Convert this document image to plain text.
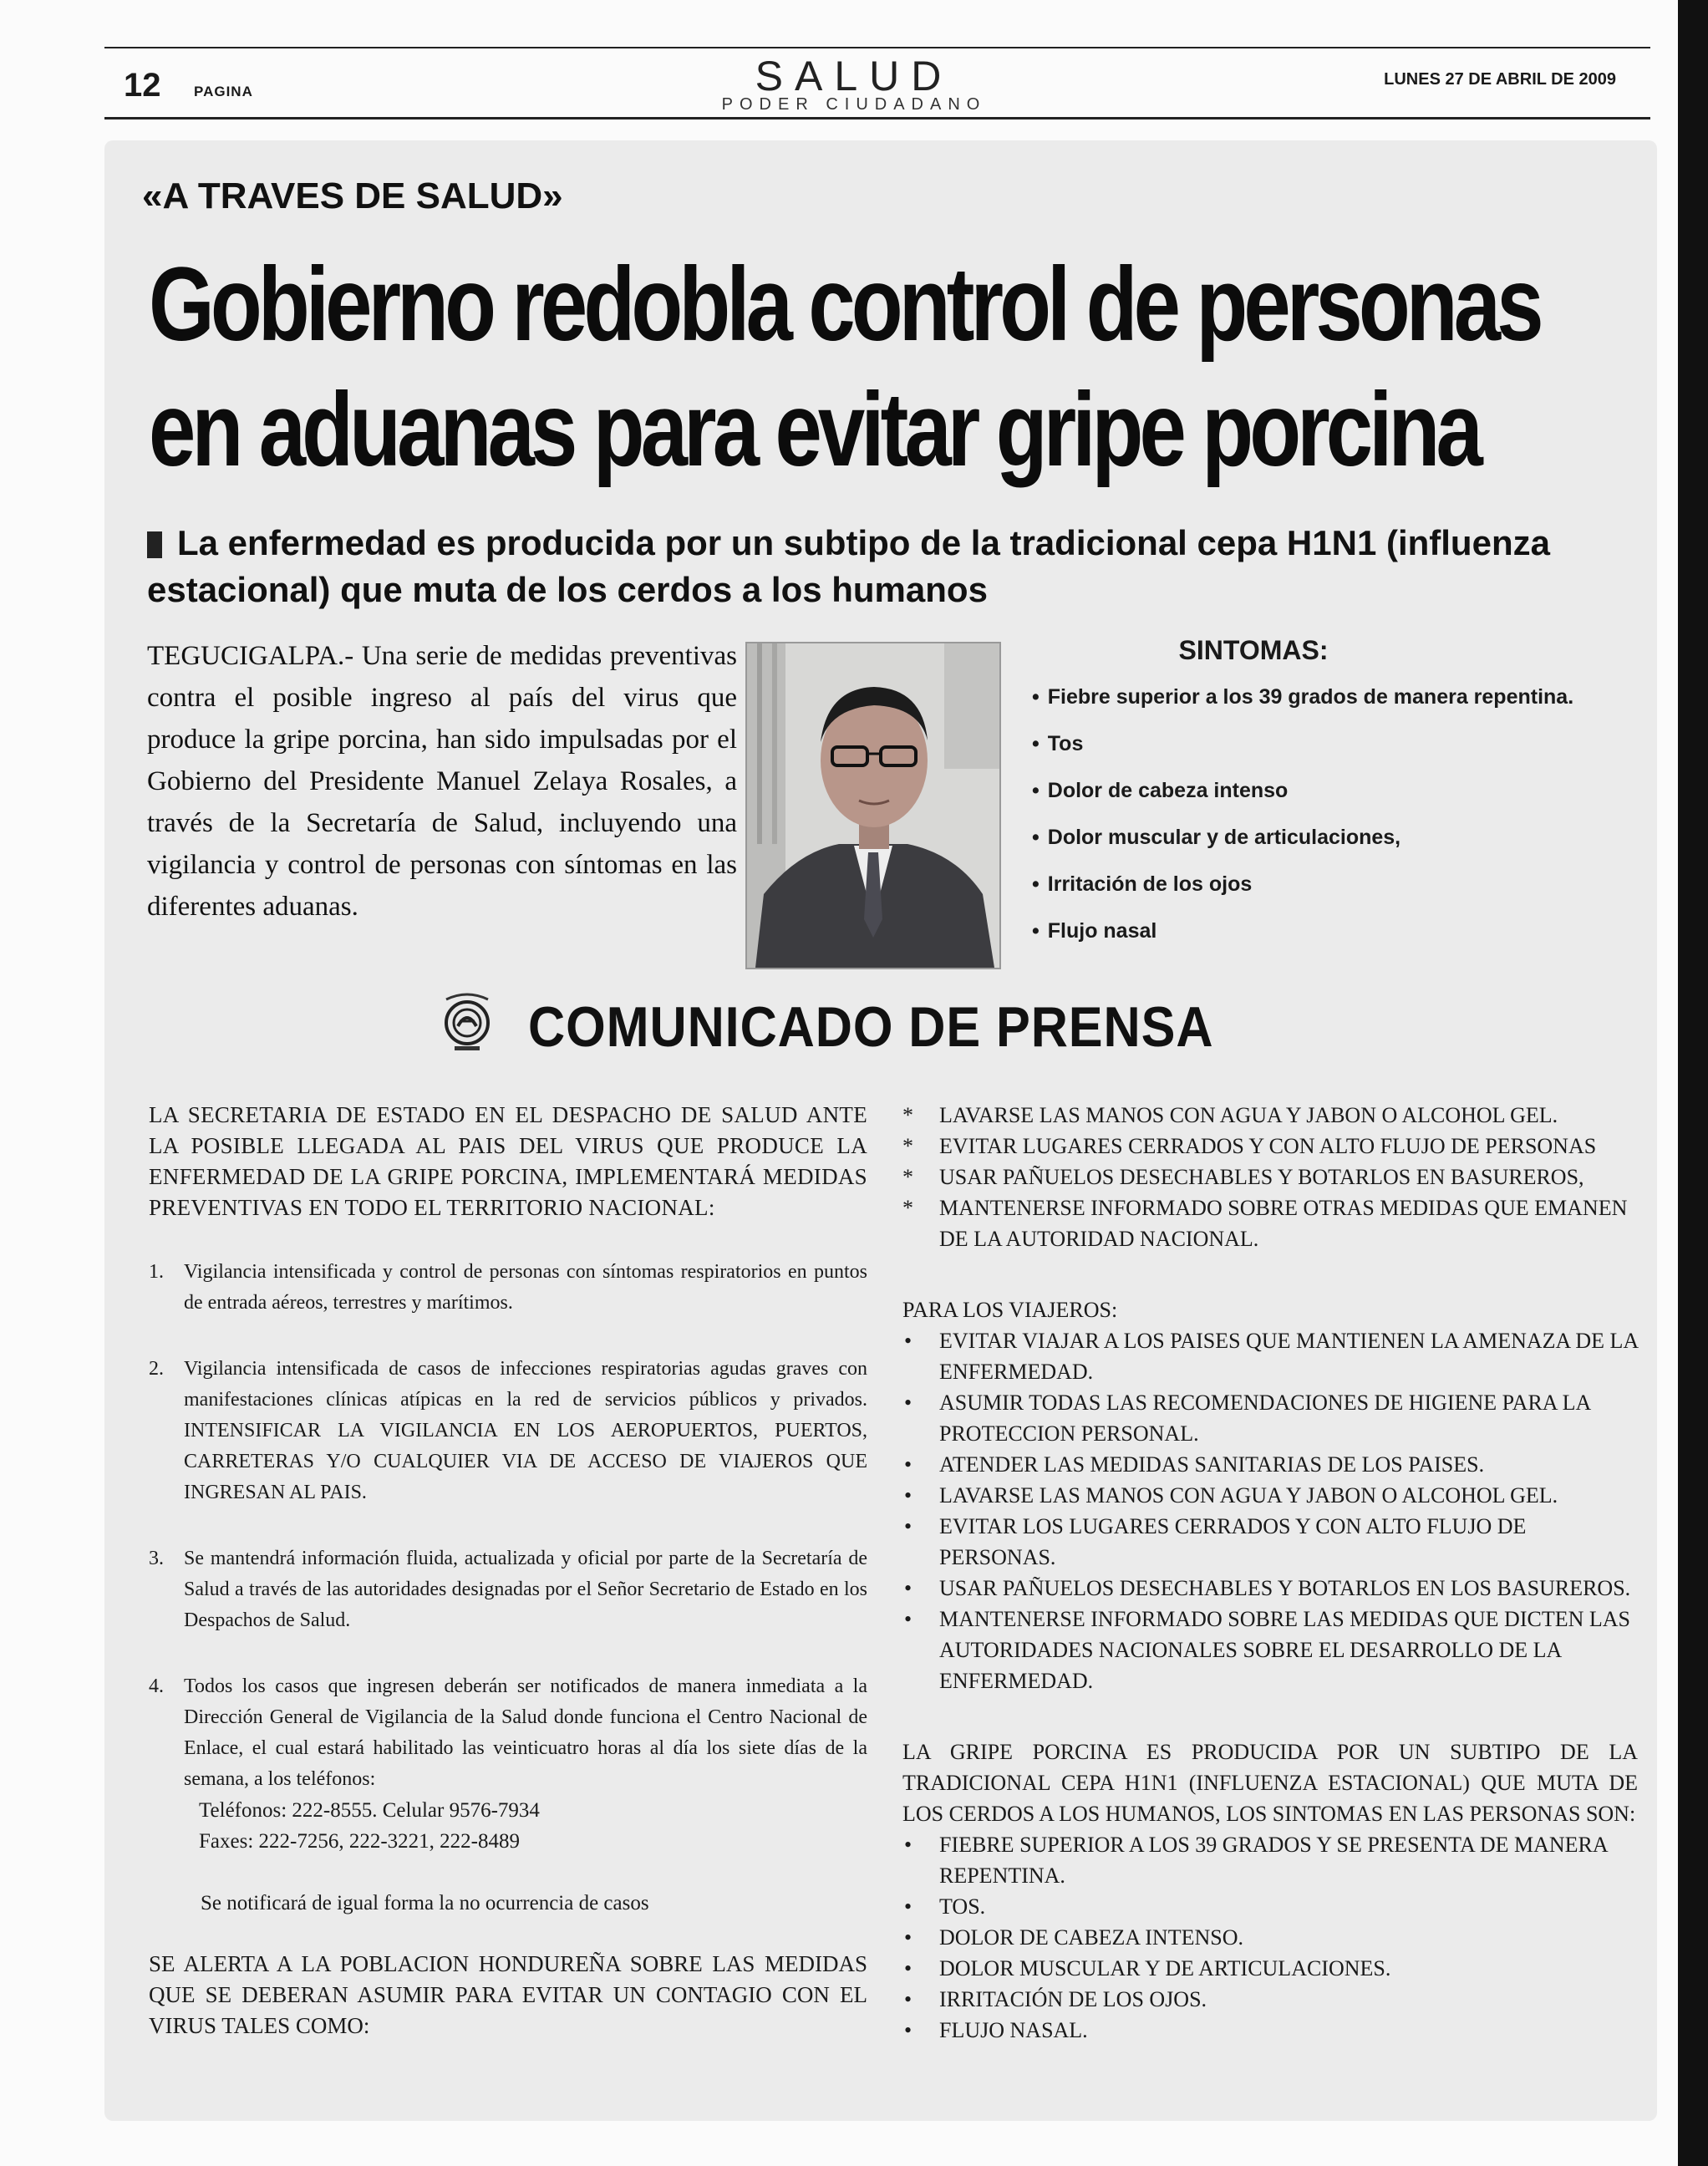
12 PAGINA	SALUD
PODER CIUDADANO
LUNES 27 DE ABRIL DE 2009
«A TRAVES DE SALUD»
Gobierno redobla control de personas
en aduanas para evitar gripe porcina
La enfermedad es producida por un subtipo de la tradicional cepa H1N1 (influenza estacional) que muta de los cerdos a los humanos
TEGUCIGALPA.- Una serie de medidas preventivas contra el posible ingreso al país del virus que produce la gripe porcina, han sido impulsadas por el Gobierno del Presidente Manuel Zelaya Rosales, a través de la Secretaría de Salud, incluyendo una vigilancia y control de personas con síntomas en las diferentes aduanas.
SINTOMAS:
• Fiebre superior a los 39 grados de manera repentina.
• Tos
• Dolor de cabeza intenso
• Dolor muscular y de articulaciones,
• Irritación de los ojos
• Flujo nasal
COMUNICADO DE PRENSA

LA SECRETARIA DE ESTADO EN EL DESPACHO DE SALUD ANTE LA POSIBLE LLEGADA AL PAIS DEL VIRUS QUE PRODUCE LA ENFERMEDAD DE LA GRIPE PORCINA, IMPLEMENTARÁ MEDIDAS PREVENTIVAS EN TODO EL TERRITORIO NACIONAL:

1. Vigilancia intensificada y control de personas con síntomas respiratorios en puntos de entrada aéreos, terrestres y marítimos.
2. Vigilancia intensificada de casos de infecciones respiratorias agudas graves con manifestaciones clínicas atípicas en la red de servicios públicos y privados. INTENSIFICAR LA VIGILANCIA EN LOS AEROPUERTOS, PUERTOS, CARRETERAS Y/O CUALQUIER VIA DE ACCESO DE VIAJEROS QUE INGRESAN AL PAIS.
3. Se mantendrá información fluida, actualizada y oficial por parte de la Secretaría de Salud a través de las autoridades designadas por el Señor Secretario de Estado en los Despachos de Salud.
4. Todos los casos que ingresen deberán ser notificados de manera inmediata a la Dirección General de Vigilancia de la Salud donde funciona el Centro Nacional de Enlace, el cual estará habilitado las veinticuatro horas al día los siete días de la semana, a los teléfonos:

Teléfonos: 222-8555. Celular 9576-7934

Faxes: 222-7256, 222-3221, 222-8489

Se notificará de igual forma la no ocurrencia de casos

SE ALERTA A LA POBLACION HONDUREÑA SOBRE LAS MEDIDAS QUE SE DEBERAN ASUMIR PARA EVITAR UN CONTAGIO CON EL VIRUS TALES COMO:

* LAVARSE LAS MANOS CON AGUA Y JABON O ALCOHOL GEL.
* EVITAR LUGARES CERRADOS Y CON ALTO FLUJO DE PERSONAS
* USAR PAÑUELOS DESECHABLES Y BOTARLOS EN BASUREROS,
* MANTENERSE INFORMADO SOBRE OTRAS MEDIDAS QUE EMANEN DE LA AUTORIDAD NACIONAL.

PARA LOS VIAJEROS:

• EVITAR VIAJAR A LOS PAISES QUE MANTIENEN LA AMENAZA DE LA ENFERMEDAD.
• ASUMIR TODAS LAS RECOMENDACIONES DE HIGIENE PARA LA PROTECCION PERSONAL.
• ATENDER LAS MEDIDAS SANITARIAS DE LOS PAISES.
• LAVARSE LAS MANOS CON AGUA Y JABON O ALCOHOL GEL.
• EVITAR LOS LUGARES CERRADOS Y CON ALTO FLUJO DE PERSONAS.
• USAR PAÑUELOS DESECHABLES Y BOTARLOS EN LOS BASUREROS.
• MANTENERSE INFORMADO SOBRE LAS MEDIDAS QUE DICTEN LAS AUTORIDADES NACIONALES SOBRE EL DESARROLLO DE LA ENFERMEDAD.

LA GRIPE PORCINA ES PRODUCIDA POR UN SUBTIPO DE LA TRADICIONAL CEPA H1N1 (INFLUENZA ESTACIONAL) QUE MUTA DE LOS CERDOS A LOS HUMANOS, LOS SINTOMAS EN LAS PERSONAS SON:

• FIEBRE SUPERIOR A LOS 39 GRADOS Y SE PRESENTA DE MANERA REPENTINA.
• TOS.
• DOLOR DE CABEZA INTENSO.
• DOLOR MUSCULAR Y DE ARTICULACIONES.
• IRRITACIÓN DE LOS OJOS.
• FLUJO NASAL.
